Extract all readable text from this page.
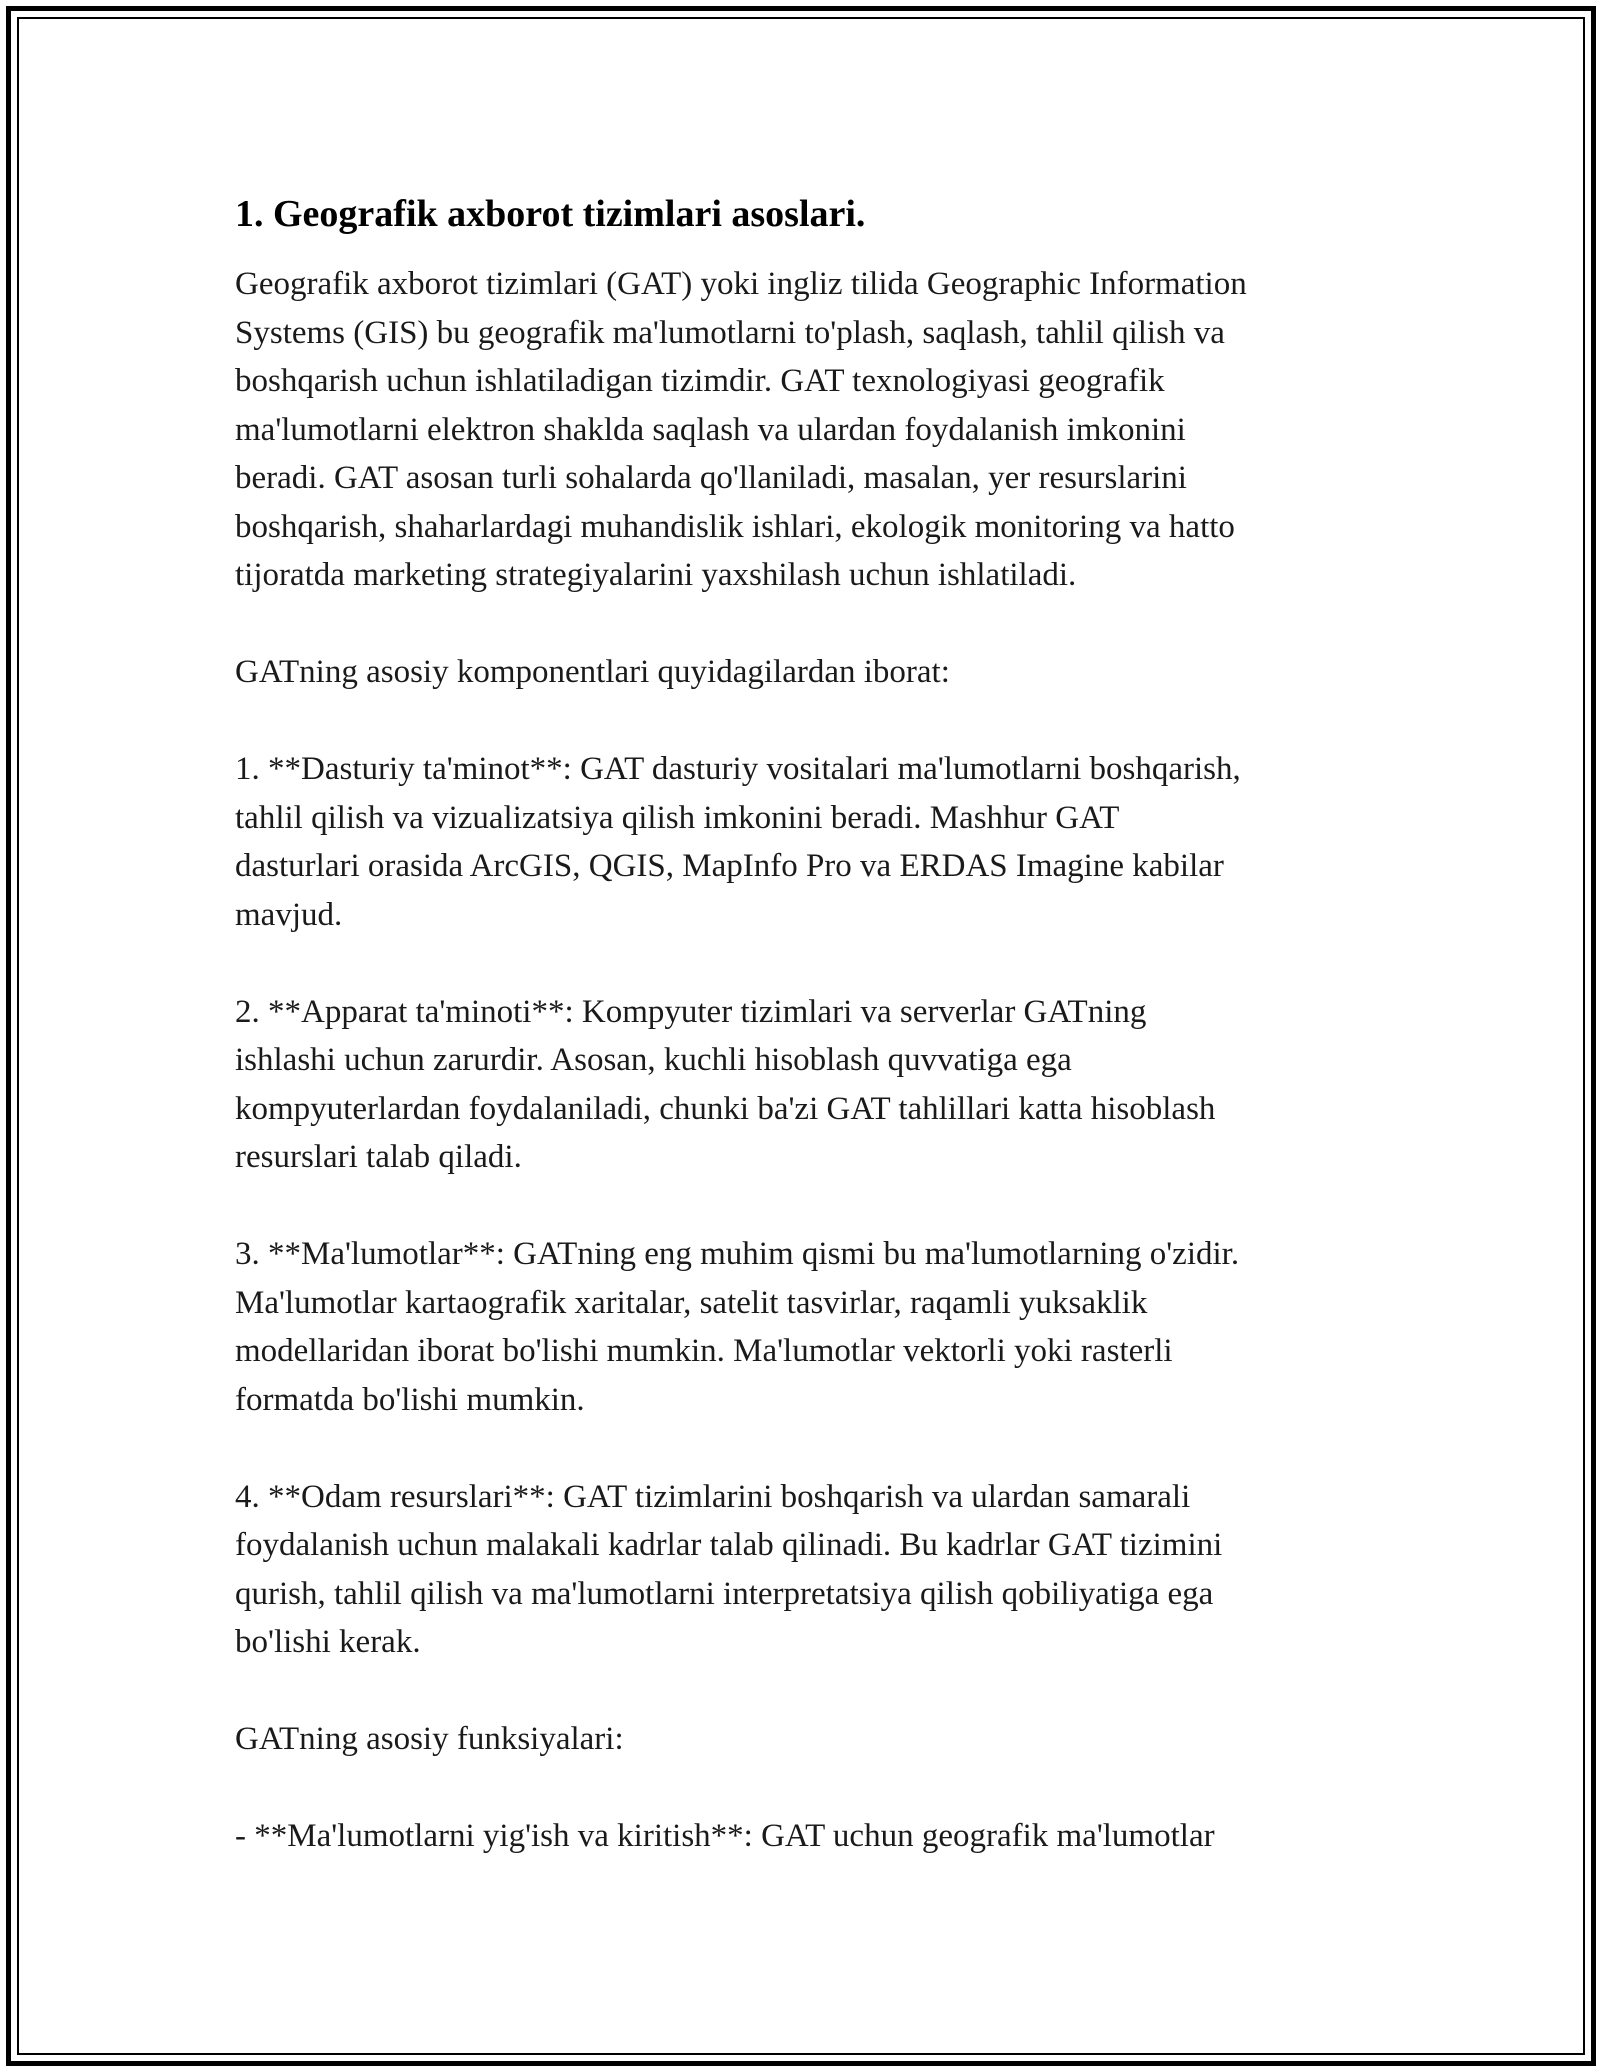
1. Geografik axborot tizimlari asoslari.

Geografik axborot tizimlari (GAT) yoki ingliz tilida Geographic Information
Systems (GIS) bu geografik ma'lumotlarni to'plash, saqlash, tahlil qilish va
boshqarish uchun ishlatiladigan tizimdir. GAT texnologiyasi geografik
ma'lumotlarni elektron shaklda saqlash va ulardan foydalanish imkonini
beradi. GAT asosan turli sohalarda qo'llaniladi, masalan, yer resurslarini
boshqarish, shaharlardagi muhandislik ishlari, ekologik monitoring va hatto
tijoratda marketing strategiyalarini yaxshilash uchun ishlatiladi.

GATning asosiy komponentlari quyidagilardan iborat:

1. **Dasturiy ta'minot**: GAT dasturiy vositalari ma'lumotlarni boshqarish,
tahlil qilish va vizualizatsiya qilish imkonini beradi. Mashhur GAT
dasturlari orasida ArcGIS, QGIS, MapInfo Pro va ERDAS Imagine kabilar
mavjud.

2. **Apparat ta'minoti**: Kompyuter tizimlari va serverlar GATning
ishlashi uchun zarurdir. Asosan, kuchli hisoblash quvvatiga ega
kompyuterlardan foydalaniladi, chunki ba'zi GAT tahlillari katta hisoblash
resurslari talab qiladi.

3. **Ma'lumotlar**: GATning eng muhim qismi bu ma'lumotlarning o'zidir.
Ma'lumotlar kartaografik xaritalar, satelit tasvirlar, raqamli yuksaklik
modellaridan iborat bo'lishi mumkin. Ma'lumotlar vektorli yoki rasterli
formatda bo'lishi mumkin.

4. **Odam resurslari**: GAT tizimlarini boshqarish va ulardan samarali
foydalanish uchun malakali kadrlar talab qilinadi. Bu kadrlar GAT tizimini
qurish, tahlil qilish va ma'lumotlarni interpretatsiya qilish qobiliyatiga ega
bo'lishi kerak.

GATning asosiy funksiyalari:

- **Ma'lumotlarni yig'ish va kiritish**: GAT uchun geografik ma'lumotlar
